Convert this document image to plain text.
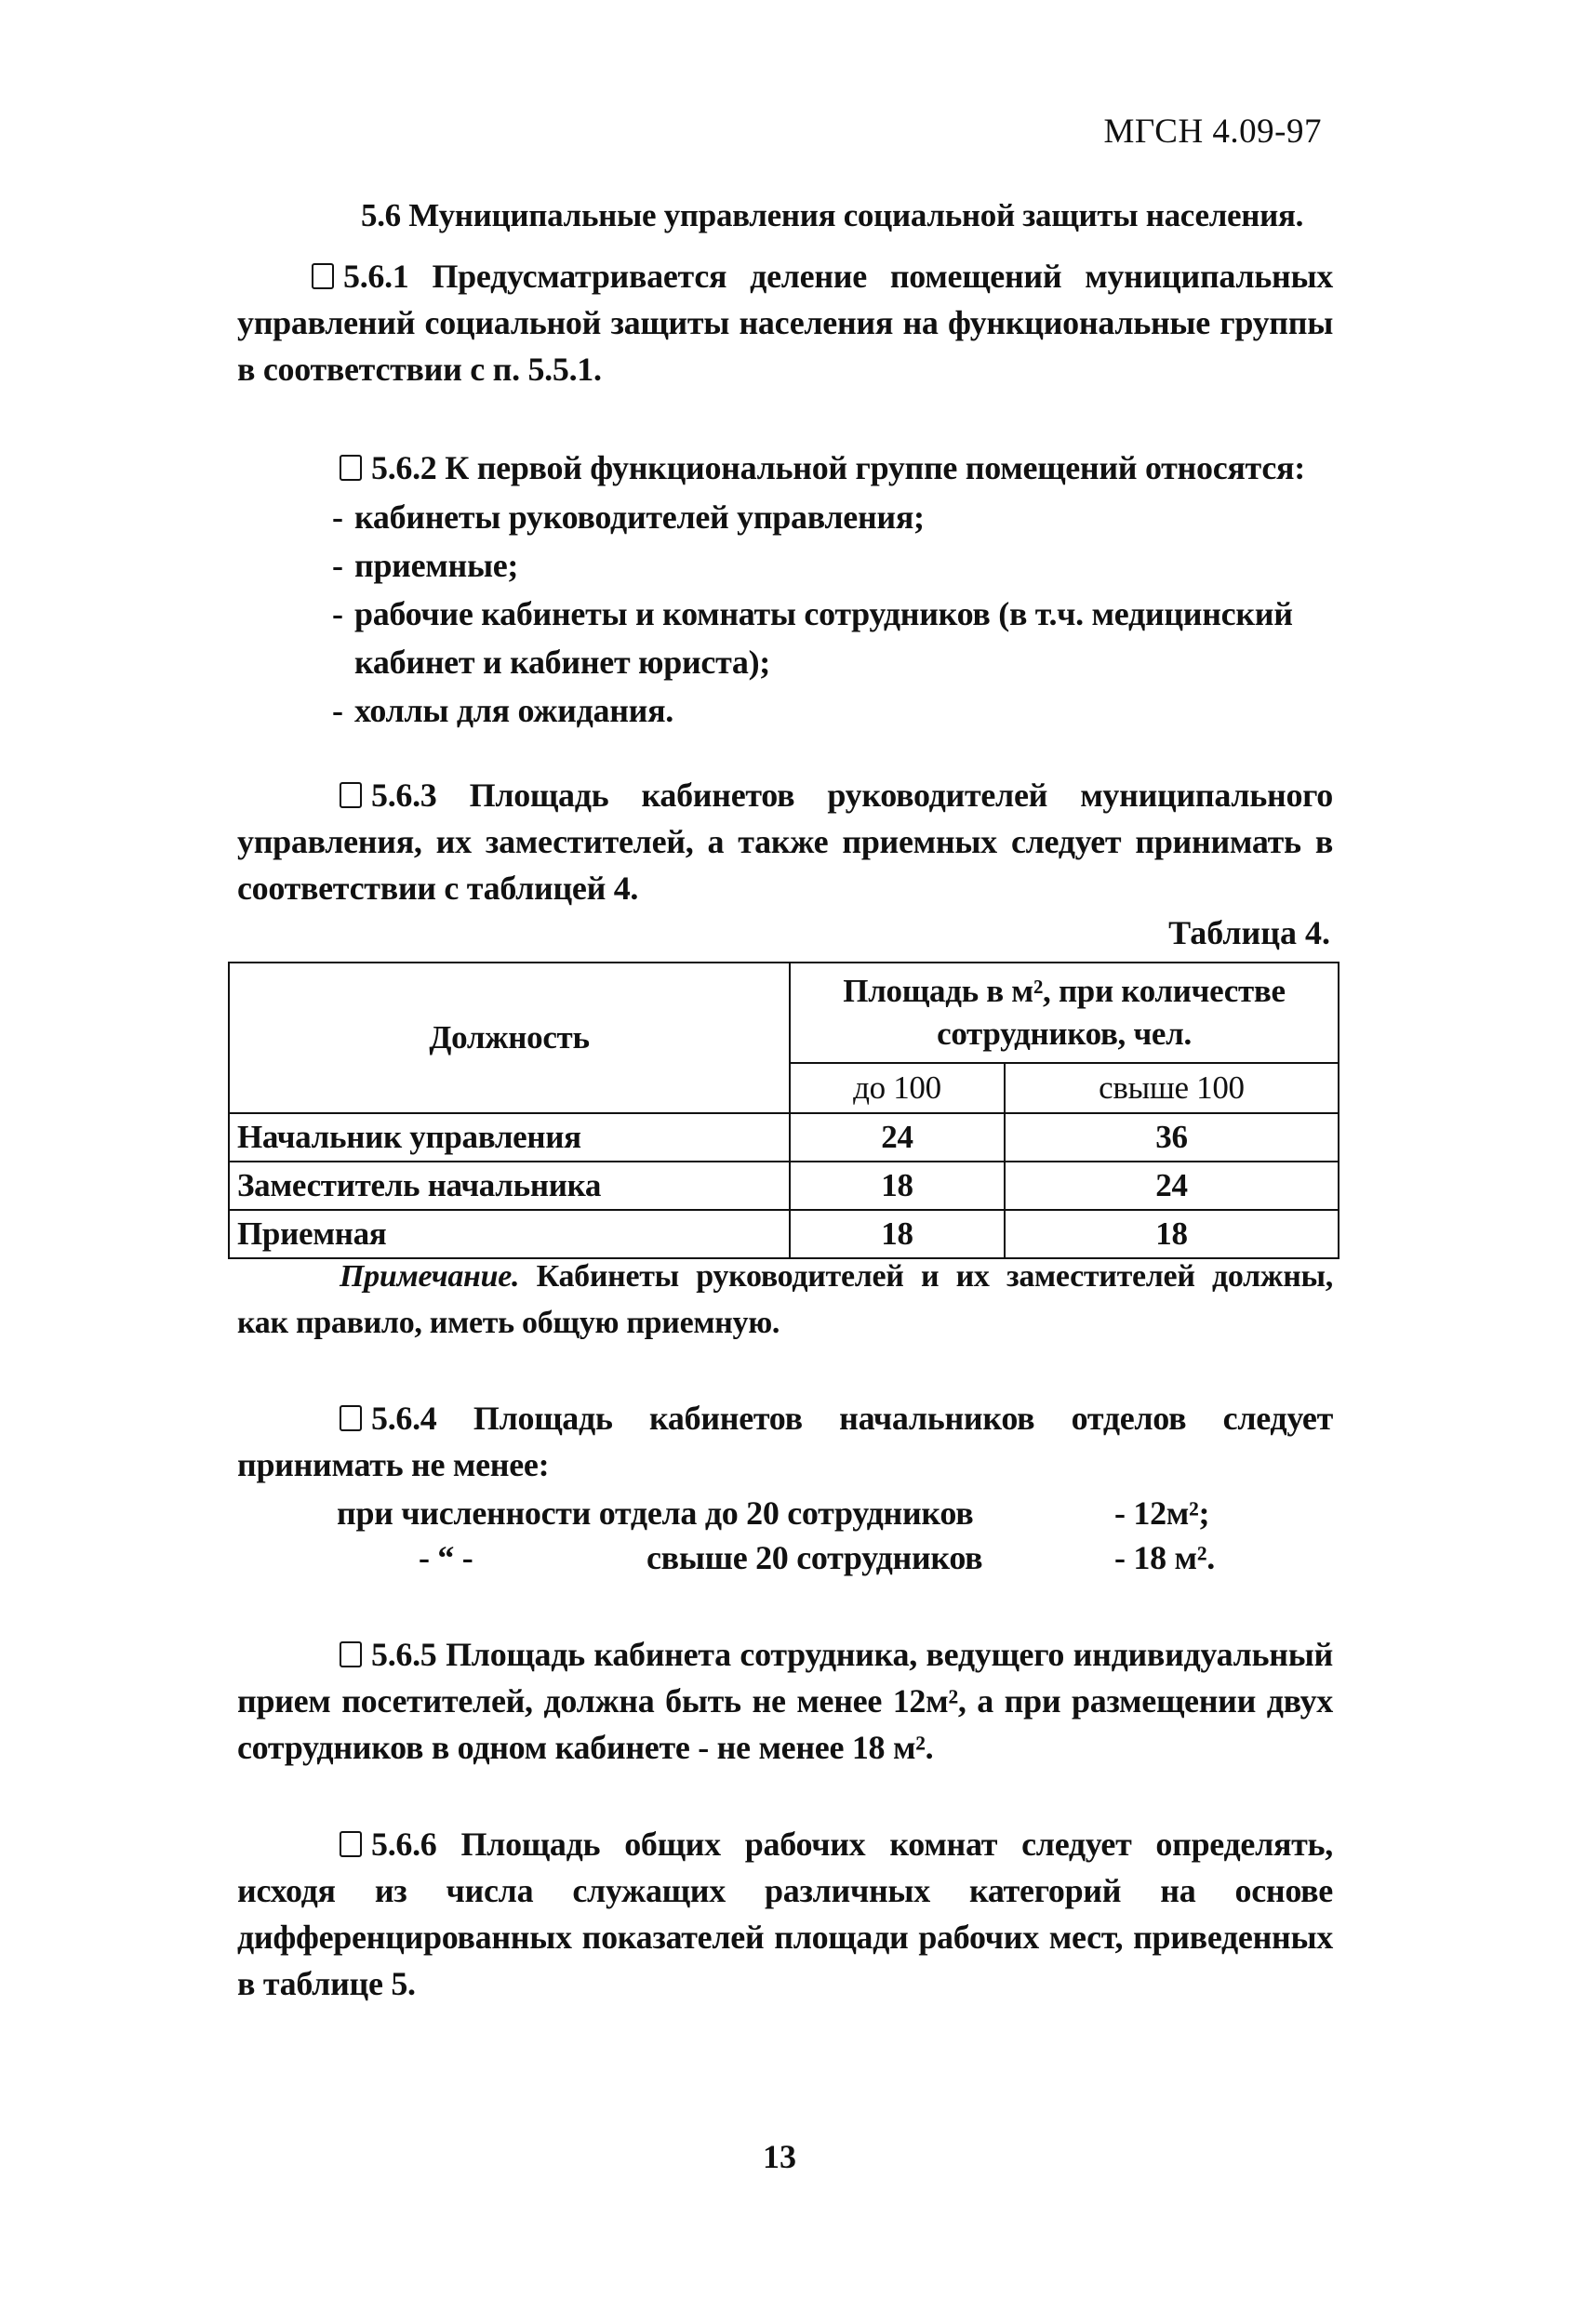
МГСН 4.09-97
5.6 Муниципальные управления социальной защиты населения.
5.6.1 Предусматривается деление помещений муниципальных управлений социальной защиты населения на функциональные группы в соответствии с п. 5.5.1.
5.6.2 К первой функциональной группе помещений относятся:
- кабинеты руководителей управления;
- приемные;
- рабочие кабинеты и комнаты сотрудников (в т.ч. медицинский кабинет и кабинет юриста);
- холлы для ожидания.
5.6.3 Площадь кабинетов руководителей муниципального управления, их заместителей, а также приемных следует принимать в соответствии с таблицей 4.
Таблица 4.
Должность	Площадь в м², при количестве сотрудников, чел.	
	до 100	свыше 100
Начальник управления	24	36
Заместитель начальника	18	24
Приемная	18	18
Примечание. Кабинеты руководителей и их заместителей должны, как правило, иметь общую приемную.
5.6.4 Площадь кабинетов начальников отделов следует принимать не менее:
при численности отдела до 20 сотрудников	- 12м²;
- “ -	свыше 20 сотрудников	- 18 м².
5.6.5 Площадь кабинета сотрудника, ведущего индивидуальный прием посетителей, должна быть не менее 12м², а при размещении двух сотрудников в одном кабинете - не менее 18 м².
5.6.6 Площадь общих рабочих комнат следует определять, исходя из числа служащих различных категорий на основе дифференцированных показателей площади рабочих мест, приведенных в таблице 5.
13
